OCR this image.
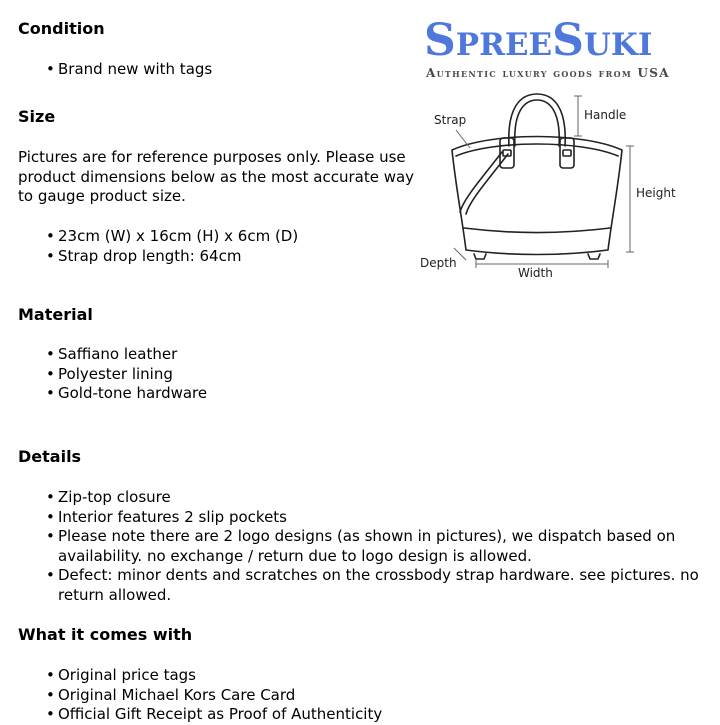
Condition
• Brand new with tags
Size

Pictures are for reference purposes only. Please use product dimensions below as the most accurate way to gauge product size.

• 23cm (W) x 16cm (H) x 6cm (D)
• Strap drop length: 64cm
Material
• Saffiano leather
• Polyester lining
• Gold-tone hardware
Details
• Zip-top closure
• Interior features 2 slip pockets
• Please note there are 2 logo designs (as shown in pictures), we dispatch based on availability. no exchange / return due to logo design is allowed.
• Defect: minor dents and scratches on the crossbody strap hardware. see pictures. no return allowed.
What it comes with
• Original price tags
• Original Michael Kors Care Card
• Official Gift Receipt as Proof of Authenticity
SpreeSuki
Authentic luxury goods from USA
Strap	Handle
Height
Depth
Width
